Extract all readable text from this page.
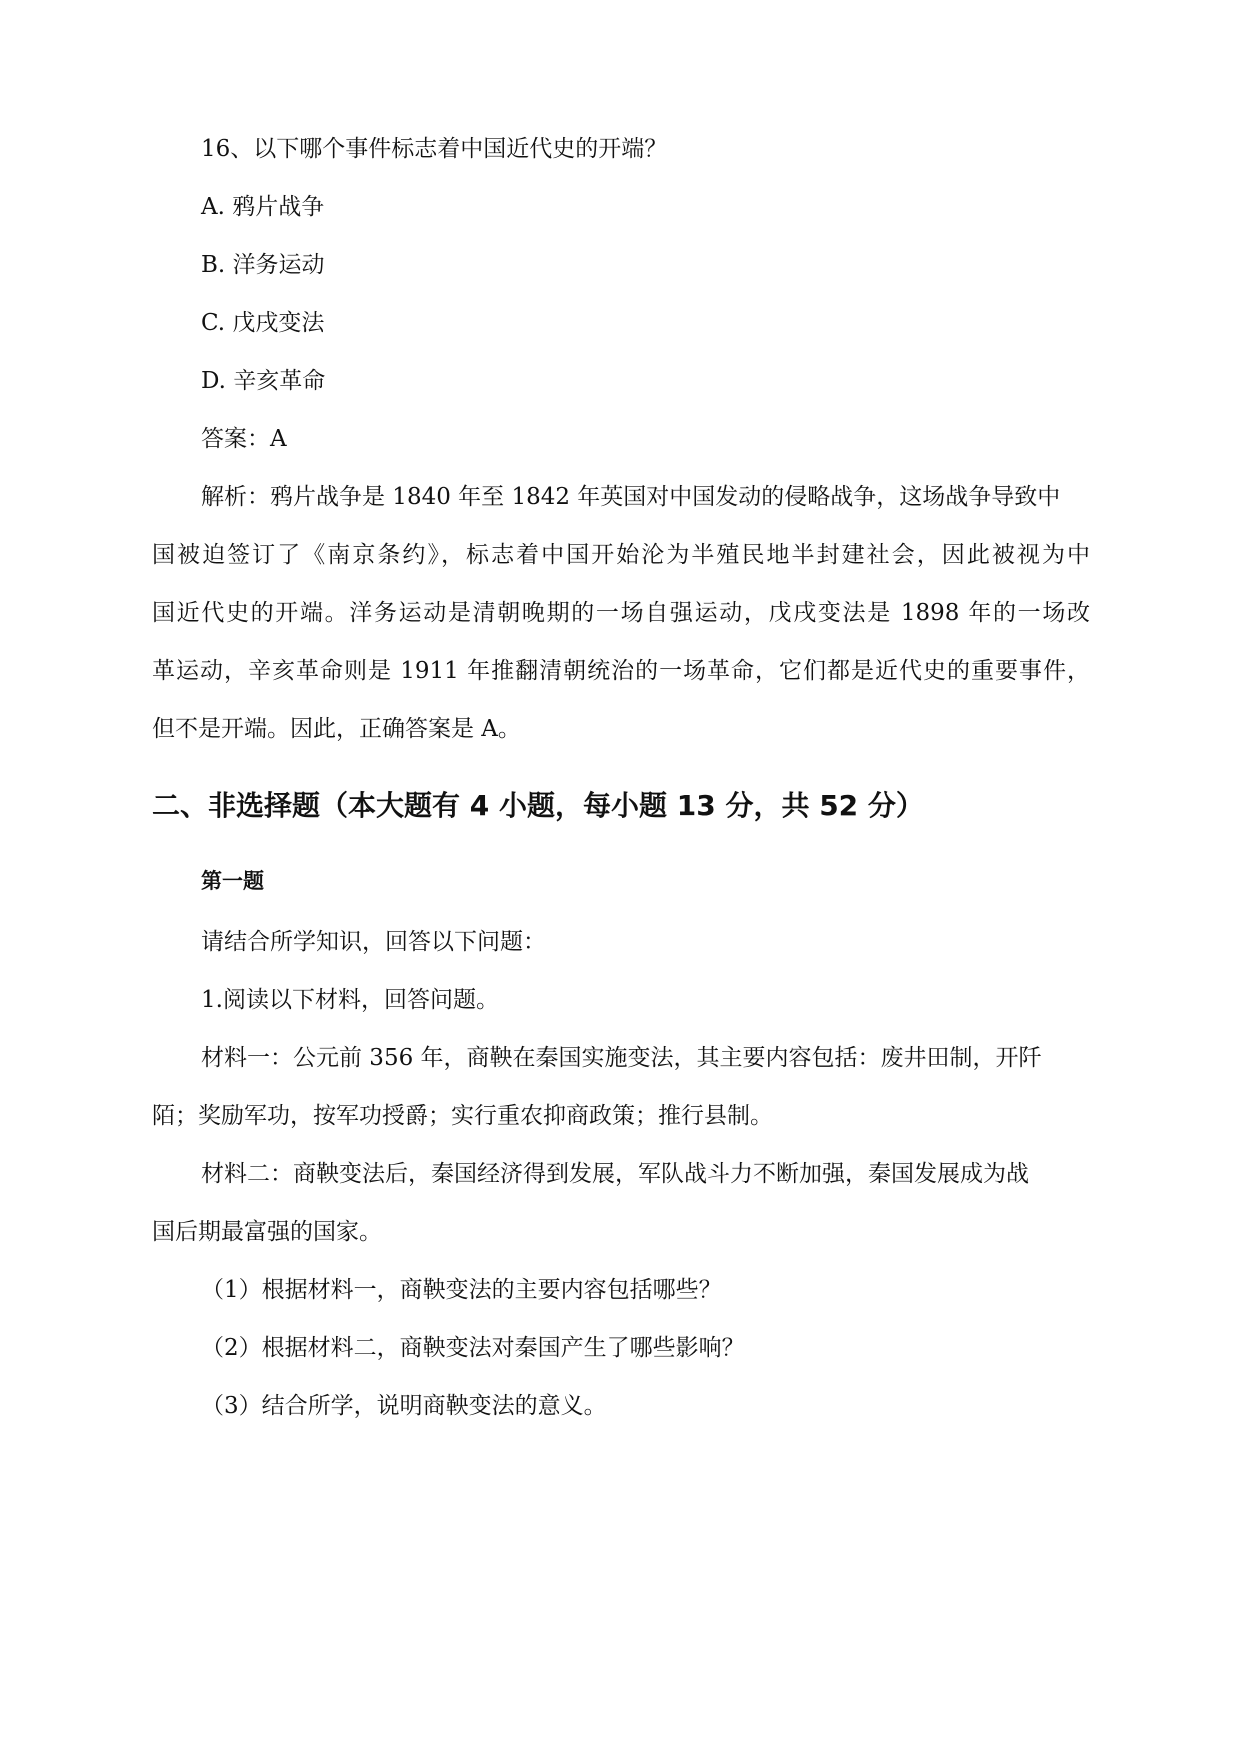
16、以下哪个事件标志着中国近代史的开端？
A. 鸦片战争
B. 洋务运动
C. 戊戌变法
D. 辛亥革命
答案：A
解析：鸦片战争是 1840 年至 1842 年英国对中国发动的侵略战争，这场战争导致中
国被迫签订了《南京条约》，标志着中国开始沦为半殖民地半封建社会，因此被视为中
国近代史的开端。洋务运动是清朝晚期的一场自强运动，戊戌变法是 1898 年的一场改
革运动，辛亥革命则是 1911 年推翻清朝统治的一场革命，它们都是近代史的重要事件，
但不是开端。因此，正确答案是 A。
二、非选择题（本大题有 4 小题，每小题 13 分，共 52 分）
第一题
请结合所学知识，回答以下问题：
1.阅读以下材料，回答问题。
材料一：公元前 356 年，商鞅在秦国实施变法，其主要内容包括：废井田制，开阡
陌；奖励军功，按军功授爵；实行重农抑商政策；推行县制。
材料二：商鞅变法后，秦国经济得到发展，军队战斗力不断加强，秦国发展成为战
国后期最富强的国家。
（1）根据材料一，商鞅变法的主要内容包括哪些？
（2）根据材料二，商鞅变法对秦国产生了哪些影响？
（3）结合所学，说明商鞅变法的意义。
